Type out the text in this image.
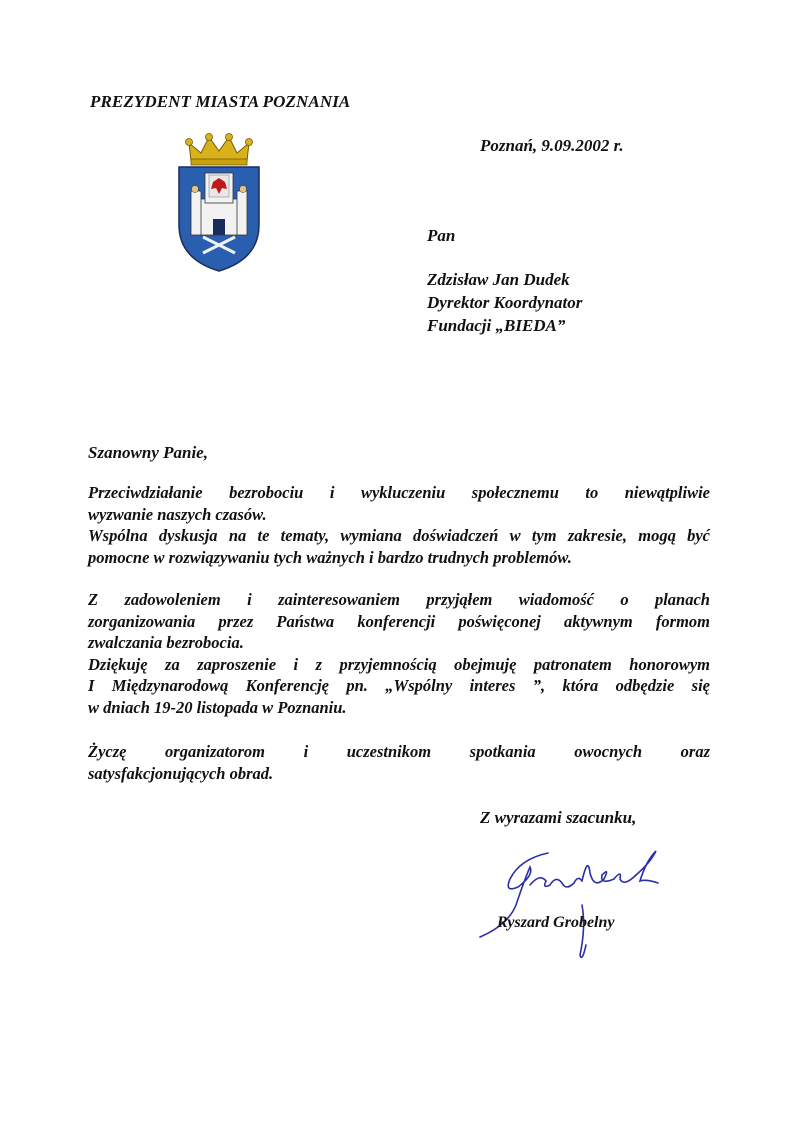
PREZYDENT MIASTA POZNANIA
Poznań, 9.09.2002 r.
Pan
Zdzisław Jan Dudek
Dyrektor Koordynator
Fundacji „BIEDA”
Szanowny Panie,
Przeciwdziałanie bezrobociu i wykluczeniu społecznemu to niewątpliwie
wyzwanie naszych czasów.
Wspólna dyskusja na te tematy, wymiana doświadczeń w tym zakresie, mogą być
pomocne w rozwiązywaniu tych ważnych i bardzo trudnych problemów.
Z zadowoleniem i zainteresowaniem przyjąłem wiadomość o planach
zorganizowania przez Państwa konferencji poświęconej aktywnym formom
zwalczania bezrobocia.
Dziękuję za zaproszenie i z przyjemnością obejmuję patronatem honorowym
I Międzynarodową Konferencję pn. „Wspólny interes ”, która odbędzie się
w dniach 19-20 listopada w Poznaniu.
Życzę organizatorom i uczestnikom spotkania owocnych oraz
satysfakcjonujących obrad.
Z wyrazami szacunku,
Ryszard Grobelny
